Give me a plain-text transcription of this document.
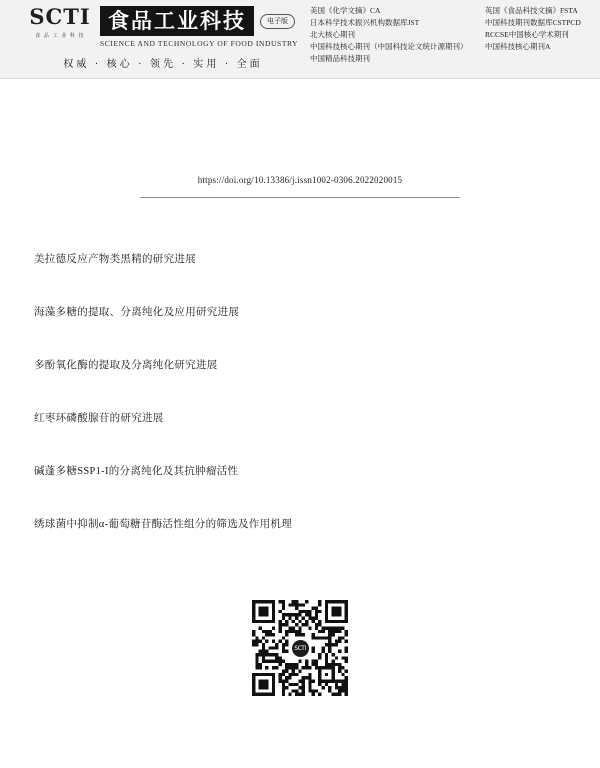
SCTI
食 品 工 业 科 技
食品工业科技	电子版
SCIENCE AND TECHNOLOGY OF FOOD INDUSTRY
权威 · 核心 · 领先 · 实用 · 全面
美国《化学文摘》CA
日本科学技术振兴机构数据库JST
北大核心期刊
中国科技核心期刊（中国科技论文统计源期刊）
中国精品科技期刊
英国《食品科技文摘》FSTA
中国科技期刊数据库CSTPCD
RCCSE中国核心学术期刊
中国科技核心期刊A
https://doi.org/10.13386/j.issn1002-0306.2022020015
美拉德反应产物类黑精的研究进展
海藻多糖的提取、分离纯化及应用研究进展
多酚氧化酶的提取及分离纯化研究进展
红枣环磷酸腺苷的研究进展
碱蓬多糖SSP1-I的分离纯化及其抗肿瘤活性
绣球菌中抑制α-葡萄糖苷酶活性组分的筛选及作用机理
SCTI
